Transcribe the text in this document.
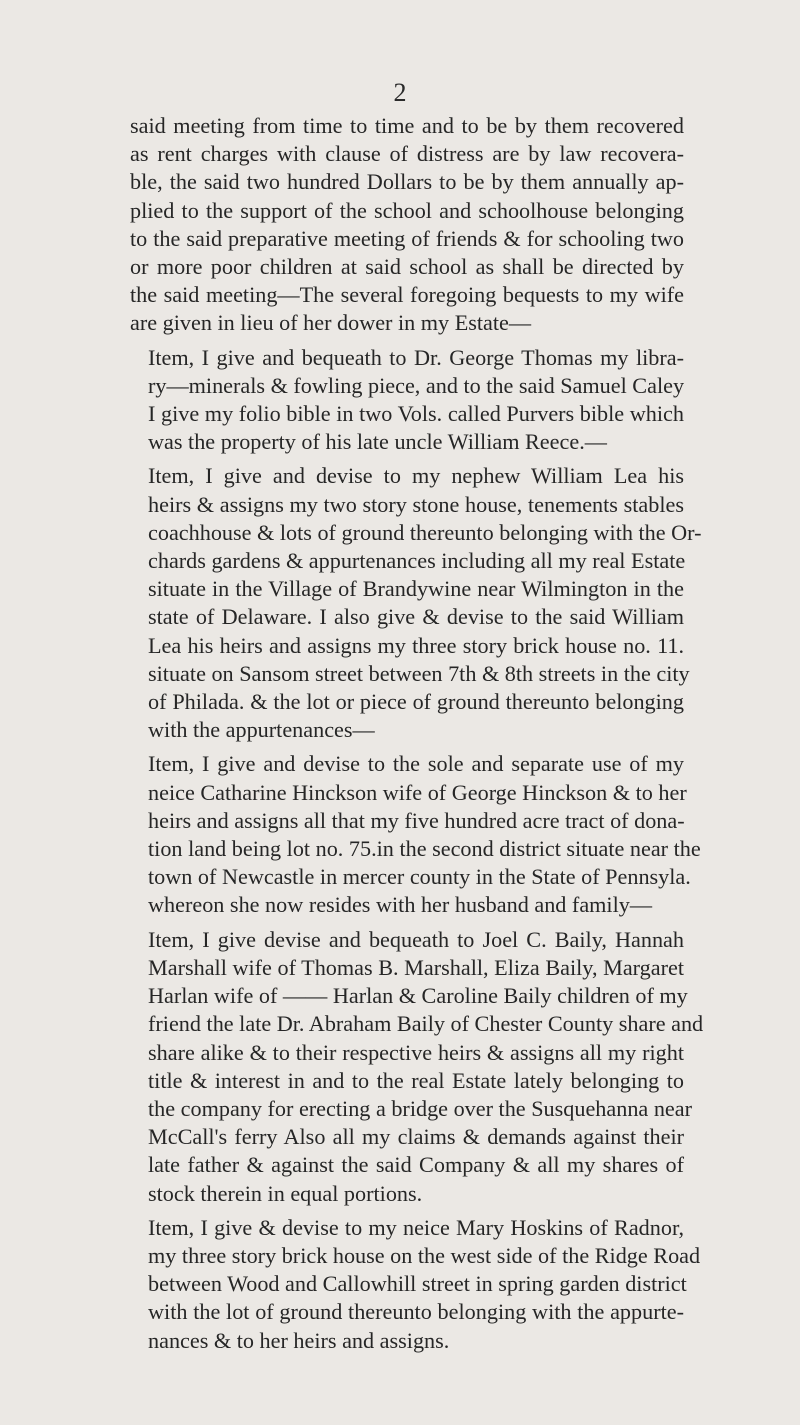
2
said meeting from time to time and to be by them recovered
as rent charges with clause of distress are by law recovera-
ble, the said two hundred Dollars to be by them annually ap-
plied to the support of the school and schoolhouse belonging
to the said preparative meeting of friends & for schooling two
or more poor children at said school as shall be directed by
the said meeting—The several foregoing bequests to my wife
are given in lieu of her dower in my Estate—
Item, I give and bequeath to Dr. George Thomas my libra-
ry—minerals & fowling piece, and to the said Samuel Caley
I give my folio bible in two Vols. called Purvers bible which
was the property of his late uncle William Reece.—
Item, I give and devise to my nephew William Lea his
heirs & assigns my two story stone house, tenements stables
coachhouse & lots of ground thereunto belonging with the Or-
chards gardens & appurtenances including all my real Estate
situate in the Village of Brandywine near Wilmington in the
state of Delaware. I also give & devise to the said William
Lea his heirs and assigns my three story brick house no. 11.
situate on Sansom street between 7th & 8th streets in the city
of Philada. & the lot or piece of ground thereunto belonging
with the appurtenances—
Item, I give and devise to the sole and separate use of my
neice Catharine Hinckson wife of George Hinckson & to her
heirs and assigns all that my five hundred acre tract of dona-
tion land being lot no. 75.in the second district situate near the
town of Newcastle in mercer county in the State of Pennsyla.
whereon she now resides with her husband and family—
Item, I give devise and bequeath to Joel C. Baily, Hannah
Marshall wife of Thomas B. Marshall, Eliza Baily, Margaret
Harlan wife of —— Harlan & Caroline Baily children of my
friend the late Dr. Abraham Baily of Chester County share and
share alike & to their respective heirs & assigns all my right
title & interest in and to the real Estate lately belonging to
the company for erecting a bridge over the Susquehanna near
McCall's ferry Also all my claims & demands against their
late father & against the said Company & all my shares of
stock therein in equal portions.
Item, I give & devise to my neice Mary Hoskins of Radnor,
my three story brick house on the west side of the Ridge Road
between Wood and Callowhill street in spring garden district
with the lot of ground thereunto belonging with the appurte-
nances & to her heirs and assigns.
